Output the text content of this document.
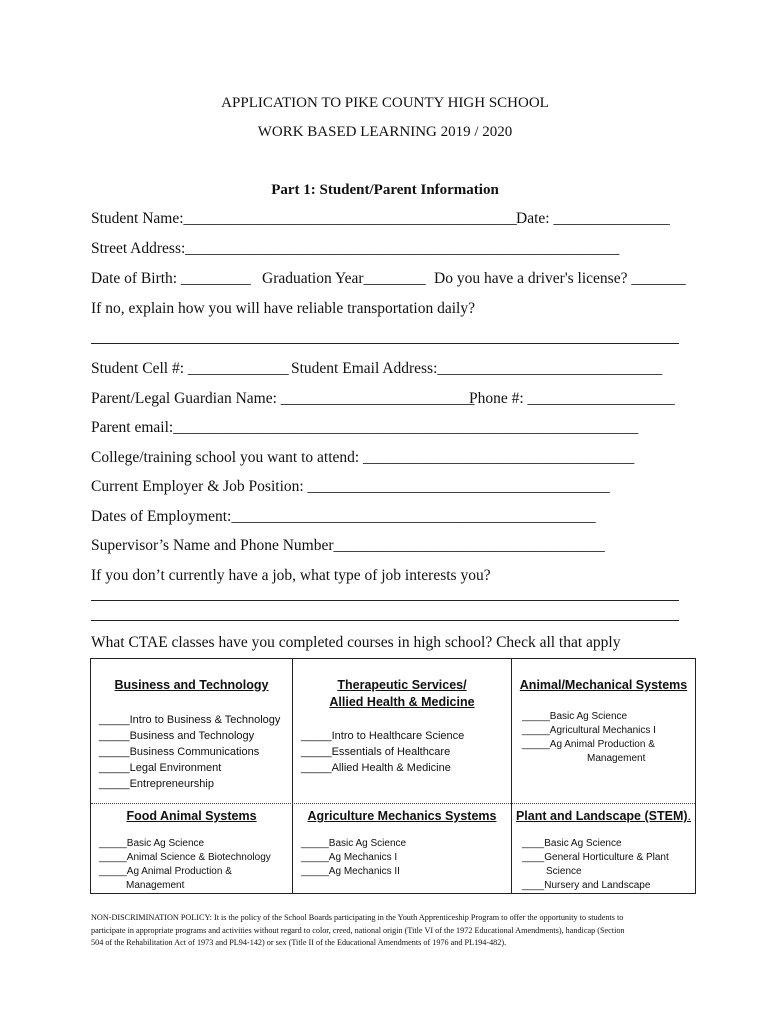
APPLICATION TO PIKE COUNTY HIGH SCHOOL
WORK BASED LEARNING 2019 / 2020
Part 1: Student/Parent Information
Student Name:___________________________________________ Date: _______________
Street Address:________________________________________________________
Date of Birth: _________ Graduation Year________ Do you have a driver's license? _______
If no, explain how you will have reliable transportation daily?
Student Cell #: _____________ Student Email Address:_____________________________
Parent/Legal Guardian Name: _________________________
Phone #: ___________________
Parent email:____________________________________________________________
College/training school you want to attend: ___________________________________
Current Employer & Job Position: _______________________________________
Dates of Employment:_______________________________________________
Supervisor’s Name and Phone Number___________________________________
If you don’t currently have a job, what type of job interests you?
What CTAE classes have you completed courses in high school? Check all that apply
Business and Technology
_____Intro to Business & Technology
_____Business and Technology
_____Business Communications
_____Legal Environment
_____Entrepreneurship
Therapeutic Services/
Allied Health & Medicine
_____Intro to Healthcare Science
_____Essentials of Healthcare
_____Allied Health & Medicine
Animal/Mechanical Systems
_____Basic Ag Science
_____Agricultural Mechanics I
_____Ag Animal Production &
Management
Food Animal Systems
_____Basic Ag Science
_____Animal Science & Biotechnology
_____Ag Animal Production &
Management
Agriculture Mechanics Systems
_____Basic Ag Science
_____Ag Mechanics I
_____Ag Mechanics II
Plant and Landscape (STEM).
____Basic Ag Science
____General Horticulture & Plant
Science
____Nursery and Landscape
NON-DISCRIMINATION POLICY: It is the policy of the School Boards participating in the Youth Apprenticeship Program to offer the opportunity to students to
participate in appropriate programs and activities without regard to color, creed, national origin (Title VI of the 1972 Educational Amendments), handicap (Section
504 of the Rehabilitation Act of 1973 and PL94-142) or sex (Title II of the Educational Amendments of 1976 and PL194-482).
